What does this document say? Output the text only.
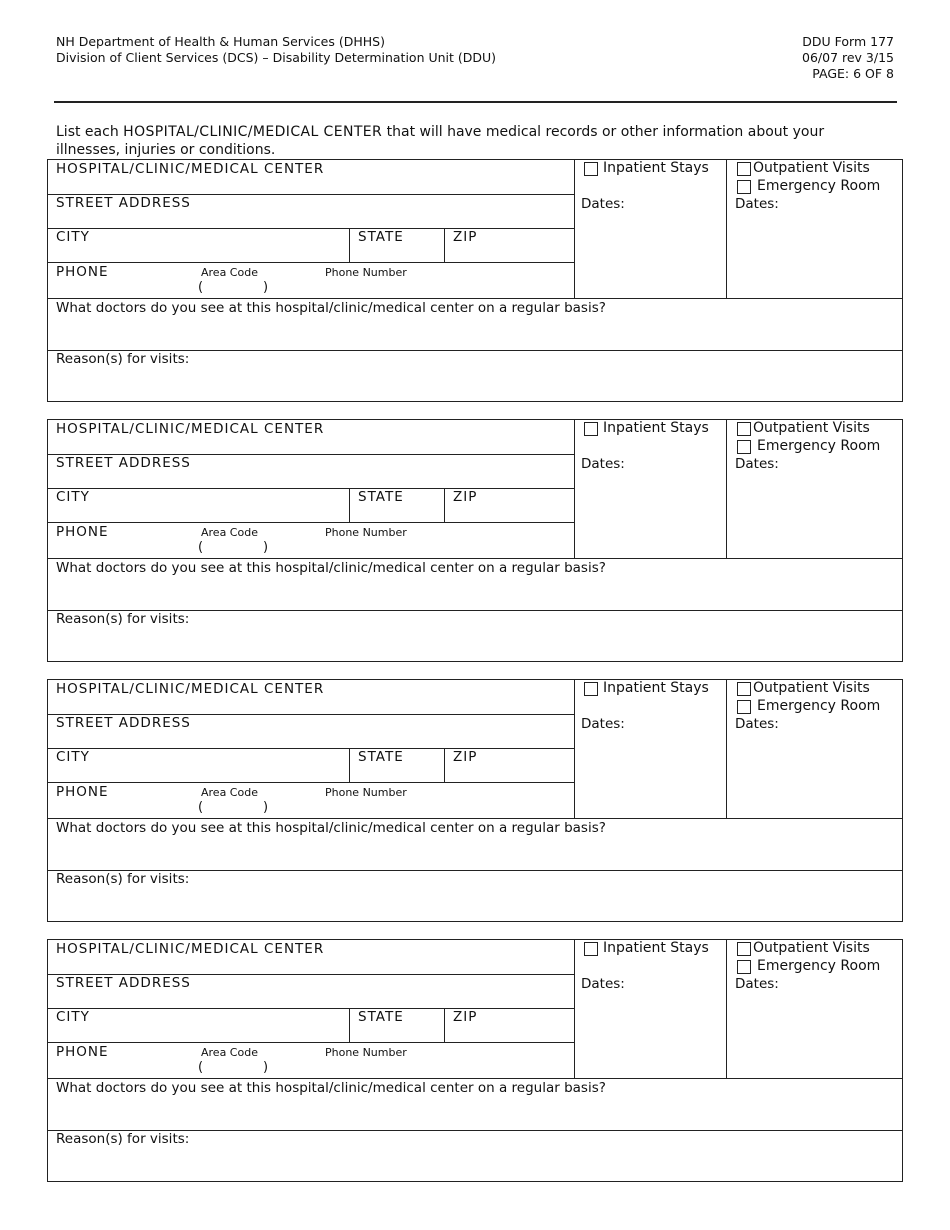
NH Department of Health & Human Services (DHHS)
Division of Client Services (DCS) – Disability Determination Unit (DDU)
DDU Form 177
06/07 rev 3/15
PAGE: 6 OF 8
List each HOSPITAL/CLINIC/MEDICAL CENTER that will have medical records or other information about your illnesses, injuries or conditions.
HOSPITAL/CLINIC/MEDICAL CENTER
STREET ADDRESS
CITY	STATE	ZIP
PHONE	Area Code	Phone Number
(	)
Inpatient Stays
Dates:
Outpatient Visits
Emergency Room
Dates:
What doctors do you see at this hospital/clinic/medical center on a regular basis?
Reason(s) for visits:
HOSPITAL/CLINIC/MEDICAL CENTER
STREET ADDRESS
CITY	STATE	ZIP
PHONE	Area Code	Phone Number
(	)
Inpatient Stays
Dates:
Outpatient Visits
Emergency Room
Dates:
What doctors do you see at this hospital/clinic/medical center on a regular basis?
Reason(s) for visits:
HOSPITAL/CLINIC/MEDICAL CENTER
STREET ADDRESS
CITY	STATE	ZIP
PHONE	Area Code	Phone Number
(	)
Inpatient Stays
Dates:
Outpatient Visits
Emergency Room
Dates:
What doctors do you see at this hospital/clinic/medical center on a regular basis?
Reason(s) for visits:
HOSPITAL/CLINIC/MEDICAL CENTER
STREET ADDRESS
CITY	STATE	ZIP
PHONE	Area Code	Phone Number
(	)
Inpatient Stays
Dates:
Outpatient Visits
Emergency Room
Dates:
What doctors do you see at this hospital/clinic/medical center on a regular basis?
Reason(s) for visits:
